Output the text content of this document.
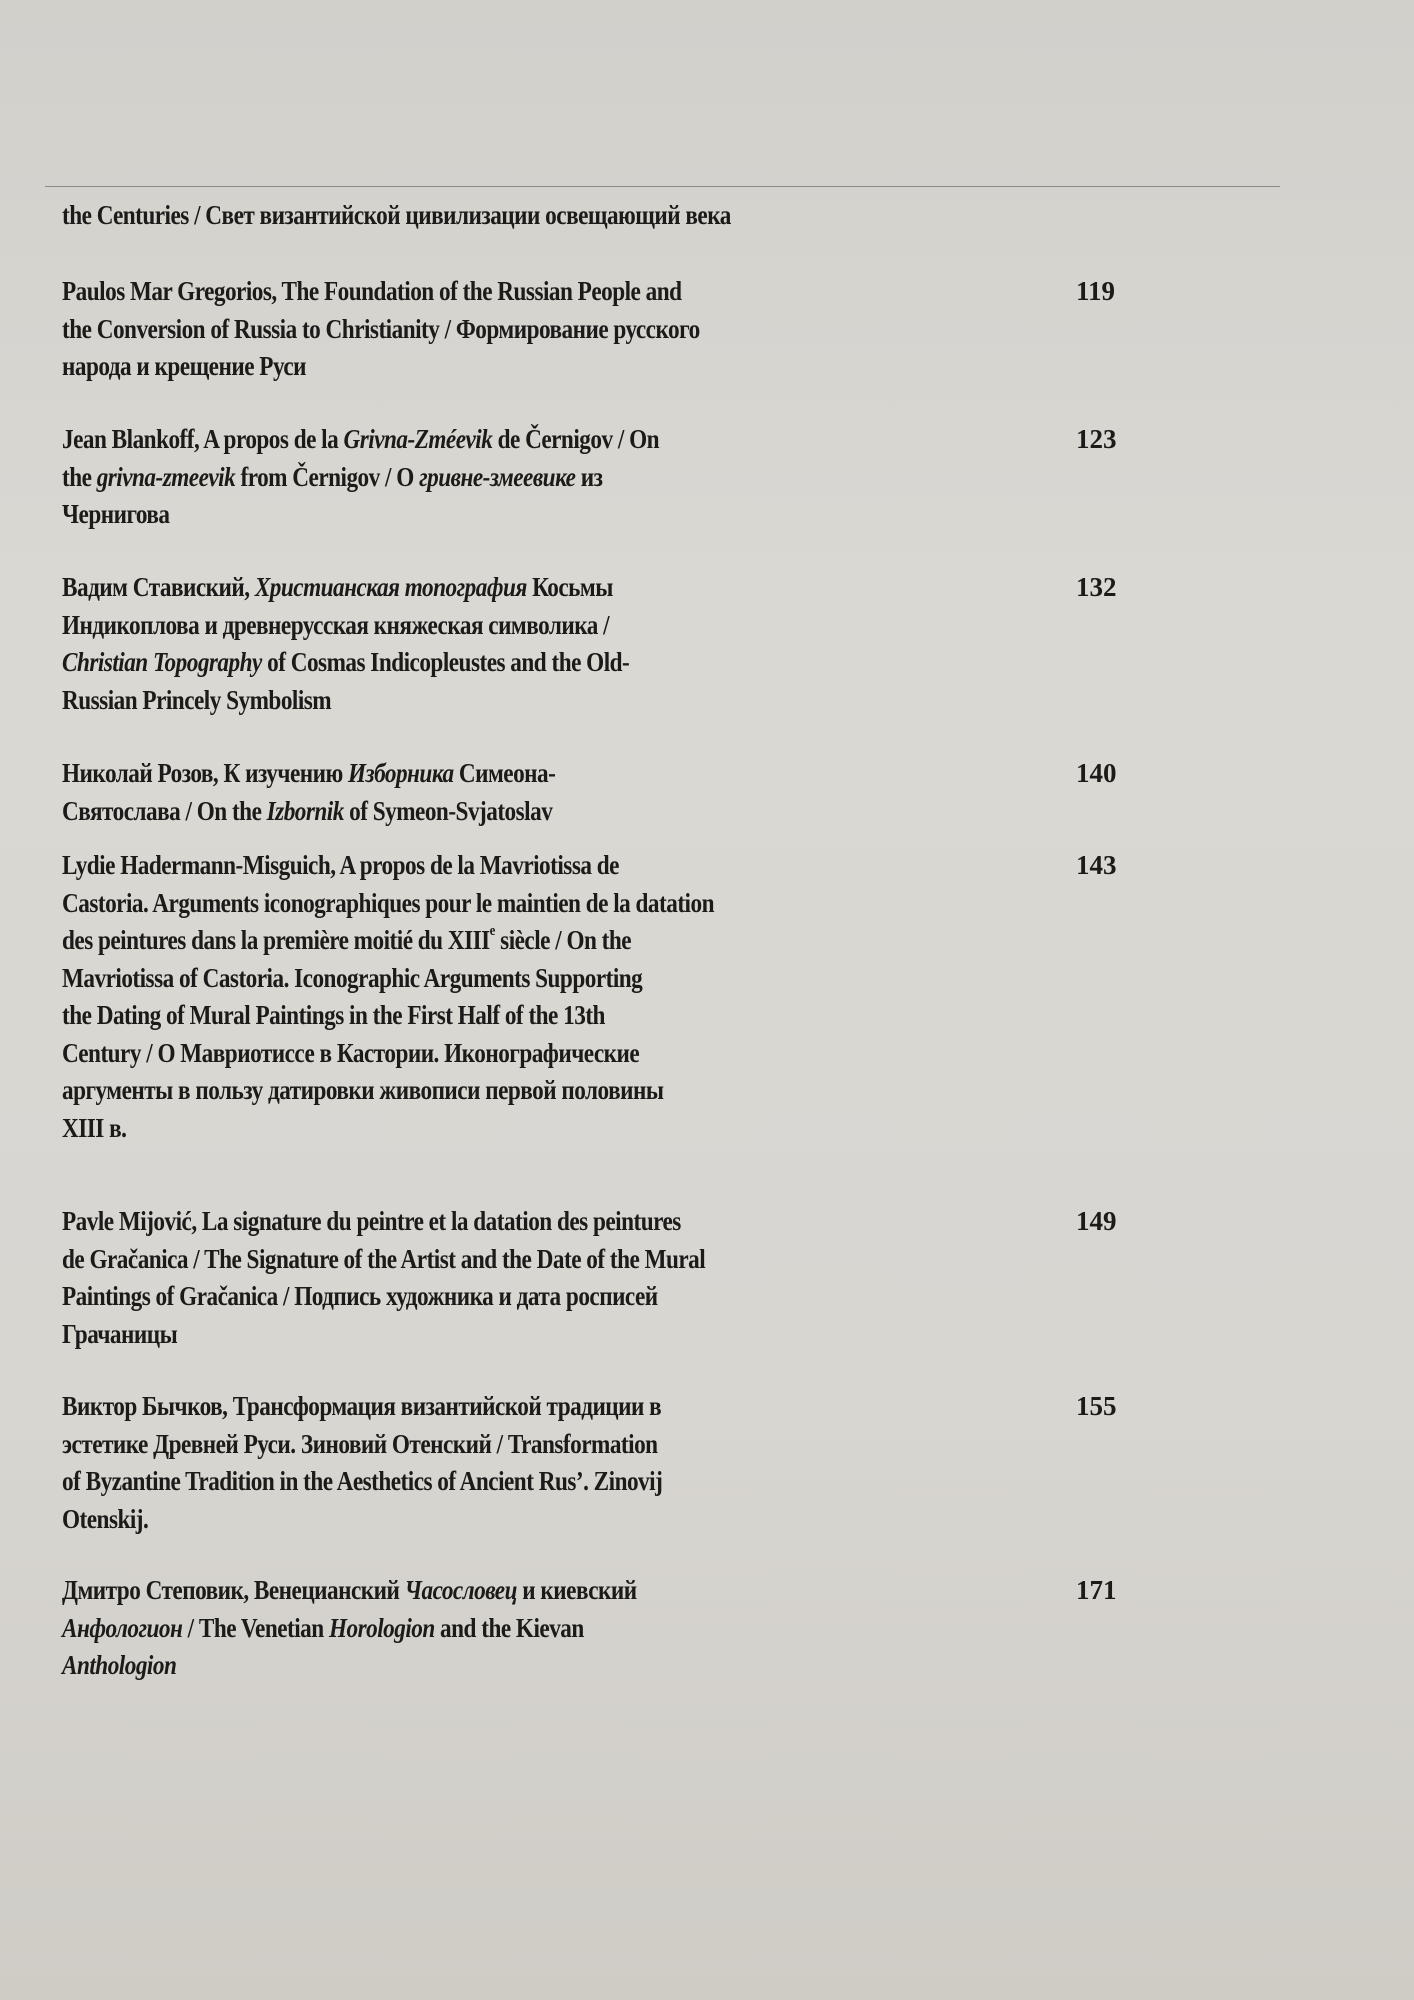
the Centuries / Свет византийской цивилизации освещающий века
Paulos Mar Gregorios, The Foundation of the Russian People and
the Conversion of Russia to Christianity / Формирование русского
народа и крещение Руси
119
Jean Blankoff, A propos de la Grivna-Zméevik de Černigov / On
the grivna-zmeevik from Černigov / О гривне-змеевике из
Чернигова
123
Вадим Ставиский, Христианская топография Косьмы
Индикоплова и древнерусская княжеская символика /
Christian Topography of Cosmas Indicopleustes and the Old-
Russian Princely Symbolism
132
Николай Розов, К изучению Изборника Симеона-
Святослава / On the Izbornik of Symeon-Svjatoslav
140
Lydie Hadermann-Misguich, A propos de la Mavriotissa de
Castoria. Arguments iconographiques pour le maintien de la datation
des peintures dans la première moitié du XIIIe siècle / On the
Mavriotissa of Castoria. Iconographic Arguments Supporting
the Dating of Mural Paintings in the First Half of the 13th
Century / О Мавриотиссе в Кастории. Иконографические
аргументы в пользу датировки живописи первой половины
XIII в.
143
Pavle Mijović, La signature du peintre et la datation des peintures
de Gračanica / The Signature of the Artist and the Date of the Mural
Paintings of Gračanica / Подпись художника и дата росписей
Грачаницы
149
Виктор Бычков, Трансформация византийской традиции в
эстетике Древней Руси. Зиновий Отенский / Transformation
of Byzantine Tradition in the Aesthetics of Ancient Rus’. Zinovij
Otenskij.
155
Дмитро Степовик, Венецианский Часословец и киевский
Анфологион / The Venetian Horologion and the Kievan
Anthologion
171
